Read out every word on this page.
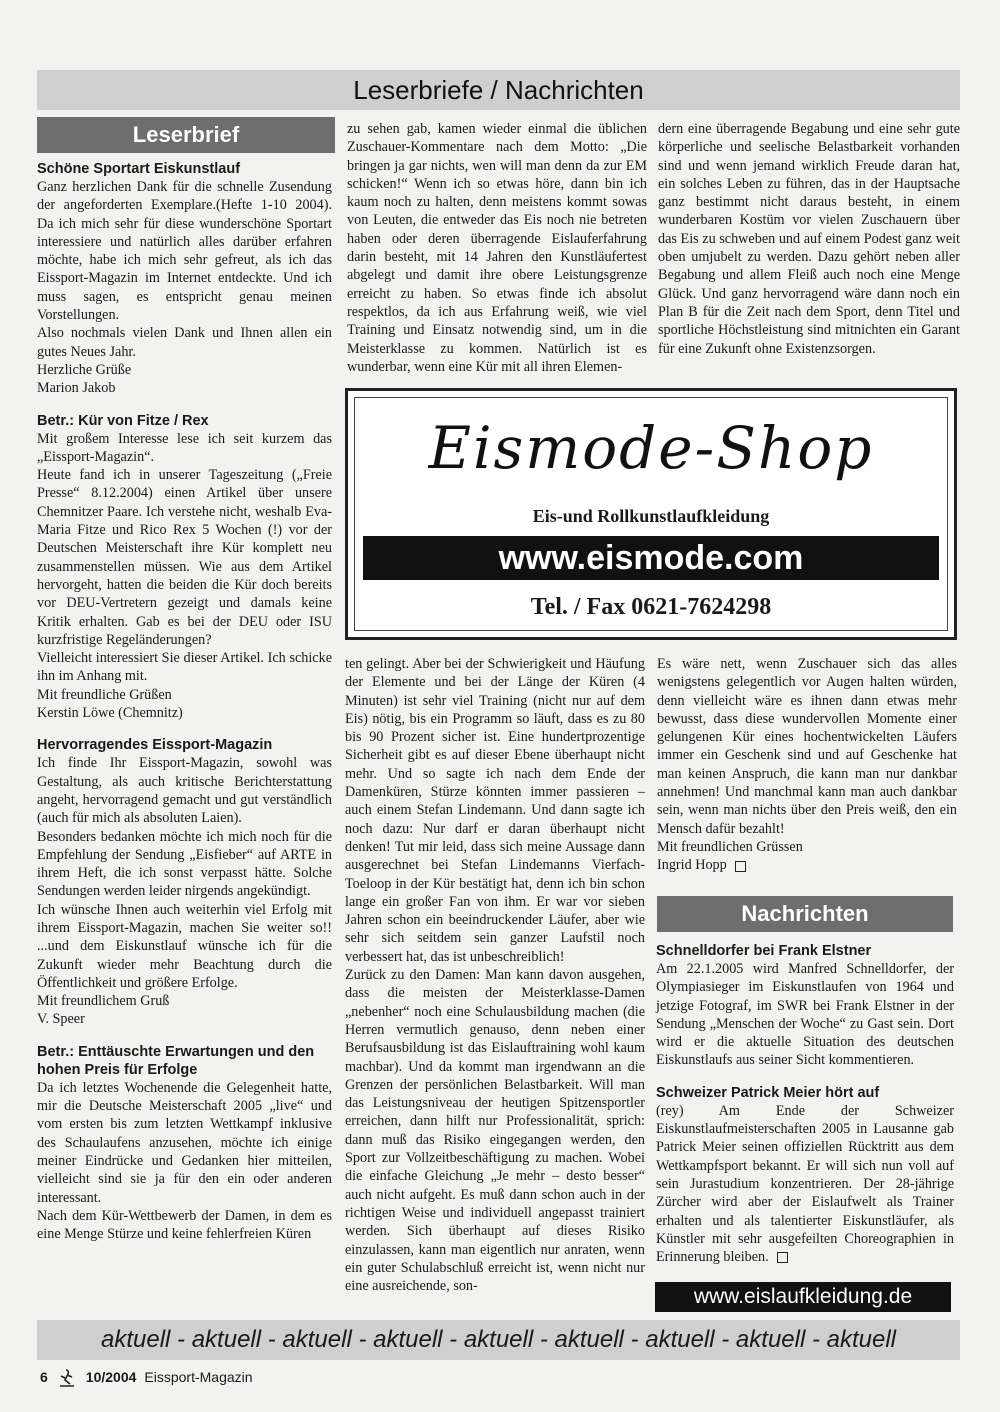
Leserbriefe / Nachrichten
Leserbrief

Schöne Sportart Eiskunstlauf

Ganz herzlichen Dank für die schnelle Zusendung der angeforderten Exemplare.(Hefte 1-10 2004). Da ich mich sehr für diese wunderschöne Sportart interessiere und natürlich alles darüber erfahren möchte, habe ich mich sehr gefreut, als ich das Eissport-Magazin im Internet entdeckte. Und ich muss sagen, es entspricht genau meinen Vorstellungen.

Also nochmals vielen Dank und Ihnen allen ein gutes Neues Jahr.

Herzliche Grüße

Marion Jakob

Betr.: Kür von Fitze / Rex

Mit großem Interesse lese ich seit kurzem das „Eissport-Magazin“.

Heute fand ich in unserer Tageszeitung („Freie Presse“ 8.12.2004) einen Artikel über unsere Chemnitzer Paare. Ich verstehe nicht, weshalb Eva-Maria Fitze und Rico Rex 5 Wochen (!) vor der Deutschen Meisterschaft ihre Kür komplett neu zusammenstellen müssen. Wie aus dem Artikel hervorgeht, hatten die beiden die Kür doch bereits vor DEU-Vertretern gezeigt und damals keine Kritik erhalten. Gab es bei der DEU oder ISU kurzfristige Regeländerungen?

Vielleicht interessiert Sie dieser Artikel. Ich schicke ihn im Anhang mit.

Mit freundliche Grüßen

Kerstin Löwe (Chemnitz)

Hervorragendes Eissport-Magazin

Ich finde Ihr Eissport-Magazin, sowohl was Gestaltung, als auch kritische Berichterstattung angeht, hervorragend gemacht und gut verständlich (auch für mich als absoluten Laien).

Besonders bedanken möchte ich mich noch für die Empfehlung der Sendung „Eisfieber“ auf ARTE in ihrem Heft, die ich sonst verpasst hätte. Solche Sendungen werden leider nirgends angekündigt.

Ich wünsche Ihnen auch weiterhin viel Erfolg mit ihrem Eissport-Magazin, machen Sie weiter so!! ...und dem Eiskunstlauf wünsche ich für die Zukunft wieder mehr Beachtung durch die Öffentlichkeit und größere Erfolge.

Mit freundlichem Gruß

V. Speer

Betr.: Enttäuschte Erwartungen und den hohen Preis für Erfolge

Da ich letztes Wochenende die Gelegenheit hatte, mir die Deutsche Meisterschaft 2005 „live“ und vom ersten bis zum letzten Wettkampf inklusive des Schaulaufens anzusehen, möchte ich einige meiner Eindrücke und Gedanken hier mitteilen, vielleicht sind sie ja für den ein oder anderen interessant.

Nach dem Kür-Wettbewerb der Damen, in dem es eine Menge Stürze und keine fehlerfreien Küren

zu sehen gab, kamen wieder einmal die üblichen Zuschauer-Kommentare nach dem Motto: „Die bringen ja gar nichts, wen will man denn da zur EM schicken!“ Wenn ich so etwas höre, dann bin ich kaum noch zu halten, denn meistens kommt sowas von Leuten, die entweder das Eis noch nie betreten haben oder deren überragende Eislauferfahrung darin besteht, mit 14 Jahren den Kunstläufertest abgelegt und damit ihre obere Leistungsgrenze erreicht zu haben. So etwas finde ich absolut respektlos, da ich aus Erfahrung weiß, wie viel Training und Einsatz notwendig sind, um in die Meisterklasse zu kommen. Natürlich ist es wunderbar, wenn eine Kür mit all ihren Elemen-

dern eine überragende Begabung und eine sehr gute körperliche und seelische Belastbarkeit vorhanden sind und wenn jemand wirklich Freude daran hat, ein solches Leben zu führen, das in der Hauptsache ganz bestimmt nicht daraus besteht, in einem wunderbaren Kostüm vor vielen Zuschauern über das Eis zu schweben und auf einem Podest ganz weit oben umjubelt zu werden. Dazu gehört neben aller Begabung und allem Fleiß auch noch eine Menge Glück. Und ganz hervorragend wäre dann noch ein Plan B für die Zeit nach dem Sport, denn Titel und sportliche Höchstleistung sind mitnichten ein Garant für eine Zukunft ohne Existenzsorgen.

Eismode-Shop
Eis-und Rollkunstlaufkleidung
www.eismode.com
Tel. / Fax 0621-7624298

ten gelingt. Aber bei der Schwierigkeit und Häufung der Elemente und bei der Länge der Küren (4 Minuten) ist sehr viel Training (nicht nur auf dem Eis) nötig, bis ein Programm so läuft, dass es zu 80 bis 90 Prozent sicher ist. Eine hundertprozentige Sicherheit gibt es auf dieser Ebene überhaupt nicht mehr. Und so sagte ich nach dem Ende der Damenküren, Stürze könnten immer passieren – auch einem Stefan Lindemann. Und dann sagte ich noch dazu: Nur darf er daran überhaupt nicht denken! Tut mir leid, dass sich meine Aussage dann ausgerechnet bei Stefan Lindemanns Vierfach-Toeloop in der Kür bestätigt hat, denn ich bin schon lange ein großer Fan von ihm. Er war vor sieben Jahren schon ein beeindruckender Läufer, aber wie sehr sich seitdem sein ganzer Laufstil noch verbessert hat, das ist unbeschreiblich!

Zurück zu den Damen: Man kann davon ausgehen, dass die meisten der Meisterklasse-Damen „nebenher“ noch eine Schulausbildung machen (die Herren vermutlich genauso, denn neben einer Berufsausbildung ist das Eislauftraining wohl kaum machbar). Und da kommt man irgendwann an die Grenzen der persönlichen Belastbarkeit. Will man das Leistungsniveau der heutigen Spitzensportler erreichen, dann hilft nur Professionalität, sprich: dann muß das Risiko eingegangen werden, den Sport zur Vollzeitbeschäftigung zu machen. Wobei die einfache Gleichung „Je mehr – desto besser“ auch nicht aufgeht. Es muß dann schon auch in der richtigen Weise und individuell angepasst trainiert werden. Sich überhaupt auf dieses Risiko einzulassen, kann man eigentlich nur anraten, wenn ein guter Schulabschluß erreicht ist, wenn nicht nur eine ausreichende, son-

Es wäre nett, wenn Zuschauer sich das alles wenigstens gelegentlich vor Augen halten würden, denn vielleicht wäre es ihnen dann etwas mehr bewusst, dass diese wundervollen Momente einer gelungenen Kür eines hochentwickelten Läufers immer ein Geschenk sind und auf Geschenke hat man keinen Anspruch, die kann man nur dankbar annehmen! Und manchmal kann man auch dankbar sein, wenn man nichts über den Preis weiß, den ein Mensch dafür bezahlt!

Mit freundlichen Grüssen

Ingrid Hopp

Nachrichten

Schnelldorfer bei Frank Elstner

Am 22.1.2005 wird Manfred Schnelldorfer, der Olympiasieger im Eiskunstlaufen von 1964 und jetzige Fotograf, im SWR bei Frank Elstner in der Sendung „Menschen der Woche“ zu Gast sein. Dort wird er die aktuelle Situation des deutschen Eiskunstlaufs aus seiner Sicht kommentieren.

Schweizer Patrick Meier hört auf

(rey) Am Ende der Schweizer Eiskunstlaufmeisterschaften 2005 in Lausanne gab Patrick Meier seinen offiziellen Rücktritt aus dem Wettkampfsport bekannt. Er will sich nun voll auf sein Jurastudium konzentrieren. Der 28-jährige Zürcher wird aber der Eislaufwelt als Trainer erhalten und als talentierter Eiskunstläufer, als Künstler mit sehr ausgefeilten Choreographien in Erinnerung bleiben.

www.eislaufkleidung.de
aktuell - aktuell - aktuell - aktuell - aktuell - aktuell - aktuell - aktuell - aktuell
6	10/2004 Eissport-Magazin
